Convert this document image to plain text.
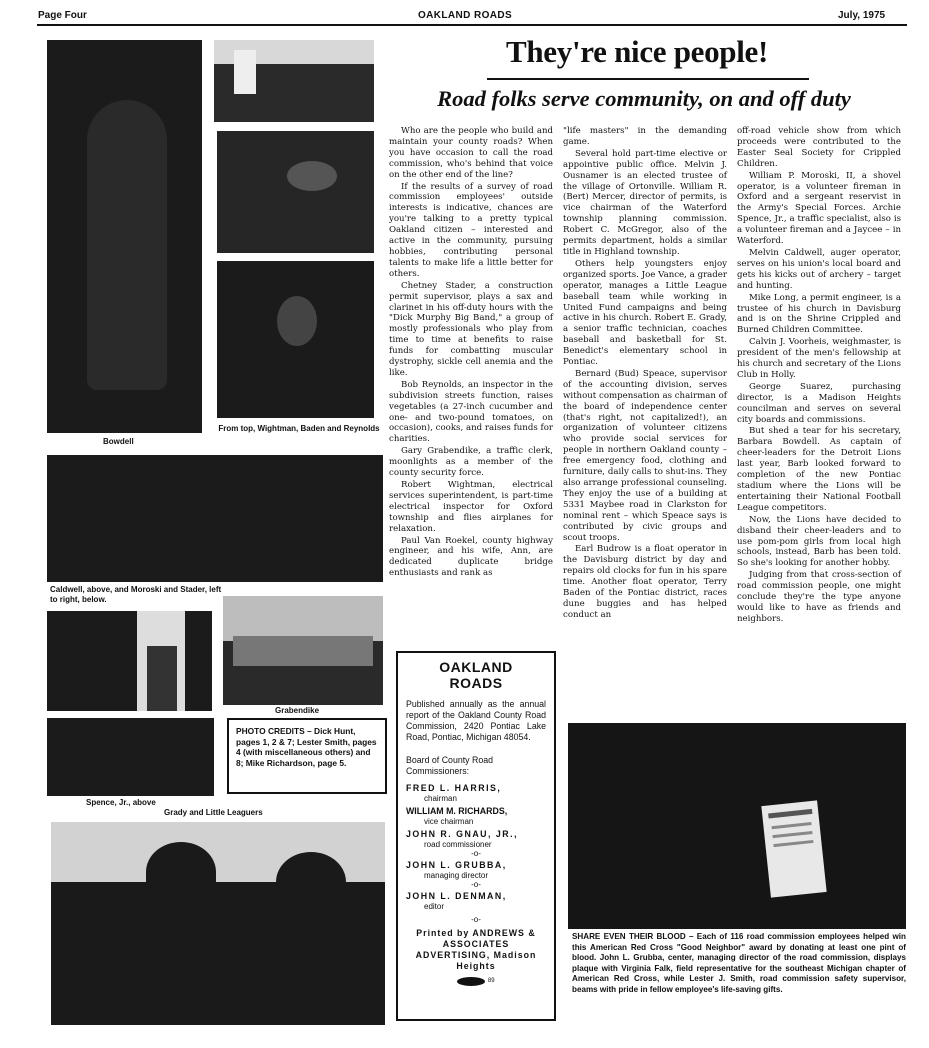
Page Four	OAKLAND ROADS	July, 1975
Bowdell
From top, Wightman, Baden and Reynolds
Caldwell, above, and Moroski and Stader, left to right, below.
Grabendike
PHOTO CREDITS – Dick Hunt, pages 1, 2 & 7; Lester Smith, pages 4 (with miscellaneous others) and 8; Mike Richardson, page 5.
Spence, Jr., above
Grady and Little Leaguers
They're nice people!
Road folks serve community, on and off duty

Who are the people who build and maintain your county roads? When you have occasion to call the road commission, who's behind that voice on the other end of the line?

If the results of a survey of road commission employees' outside interests is indicative, chances are you're talking to a pretty typical Oakland citizen – interested and active in the community, pursuing hobbies, contributing personal talents to make life a little better for others.

Chetney Stader, a construction permit supervisor, plays a sax and clarinet in his off-duty hours with the "Dick Murphy Big Band," a group of mostly professionals who play from time to time at benefits to raise funds for combatting muscular dystrophy, sickle cell anemia and the like.

Bob Reynolds, an inspector in the subdivision streets function, raises vegetables (a 27-inch cucumber and one- and two-pound tomatoes, on occasion), cooks, and raises funds for charities.

Gary Grabendike, a traffic clerk, moonlights as a member of the county security force.

Robert Wightman, electrical services superintendent, is part-time electrical inspector for Oxford township and flies airplanes for relaxation.

Paul Van Roekel, county highway engineer, and his wife, Ann, are dedicated duplicate bridge enthusiasts and rank as

"life masters" in the demanding game.

Several hold part-time elective or appointive public office. Melvin J. Ousnamer is an elected trustee of the village of Ortonville. William R. (Bert) Mercer, director of permits, is vice chairman of the Waterford township planning commission. Robert C. McGregor, also of the permits department, holds a similar title in Highland township.

Others help youngsters enjoy organized sports. Joe Vance, a grader operator, manages a Little League baseball team while working in United Fund campaigns and being active in his church. Robert E. Grady, a senior traffic technician, coaches baseball and basketball for St. Benedict's elementary school in Pontiac.

Bernard (Bud) Speace, supervisor of the accounting division, serves without compensation as chairman of the board of independence center (that's right, not capitalized!), an organization of volunteer citizens who provide social services for people in northern Oakland county – free emergency food, clothing and furniture, daily calls to shut-ins. They also arrange professional counseling. They enjoy the use of a building at 5331 Maybee road in Clarkston for nominal rent – which Speace says is contributed by civic groups and scout troops.

Earl Budrow is a float operator in the Davisburg district by day and repairs old clocks for fun in his spare time. Another float operator, Terry Baden of the Pontiac district, races dune buggies and has helped conduct an

off-road vehicle show from which proceeds were contributed to the Easter Seal Society for Crippled Children.

William P. Moroski, II, a shovel operator, is a volunteer fireman in Oxford and a sergeant reservist in the Army's Special Forces. Archie Spence, Jr., a traffic specialist, also is a volunteer fireman and a Jaycee – in Waterford.

Melvin Caldwell, auger operator, serves on his union's local board and gets his kicks out of archery – target and hunting.

Mike Long, a permit engineer, is a trustee of his church in Davisburg and is on the Shrine Crippled and Burned Children Committee.

Calvin J. Voorheis, weighmaster, is president of the men's fellowship at his church and secretary of the Lions Club in Holly.

George Suarez, purchasing director, is a Madison Heights councilman and serves on several city boards and commissions.

But shed a tear for his secretary, Barbara Bowdell. As captain of cheer-leaders for the Detroit Lions last year, Barb looked forward to completion of the new Pontiac stadium where the Lions will be entertaining their National Football League competitors.

Now, the Lions have decided to disband their cheer-leaders and to use pom-pom girls from local high schools, instead, Barb has been told. So she's looking for another hobby.

Judging from that cross-section of road commission people, one might conclude they're the type anyone would like to have as friends and neighbors.

OAKLAND
ROADS
Published annually as the annual report of the Oakland County Road Commission, 2420 Pontiac Lake Road, Pontiac, Michigan 48054.
Board of County Road Commissioners:
FRED L. HARRIS,
chairman
WILLIAM M. RICHARDS,
vice chairman
JOHN R. GNAU, JR.,
road commissioner
-o-
JOHN L. GRUBBA,
managing director
-o-
JOHN L. DENMAN,
editor
-o-
Printed by ANDREWS & ASSOCIATES ADVERTISING, Madison Heights
89
SHARE EVEN THEIR BLOOD – Each of 116 road commission employees helped win this American Red Cross "Good Neighbor" award by donating at least one pint of blood. John L. Grubba, center, managing director of the road commission, displays plaque with Virginia Falk, field representative for the southeast Michigan chapter of American Red Cross, while Lester J. Smith, road commission safety supervisor, beams with pride in fellow employee's life-saving gifts.
